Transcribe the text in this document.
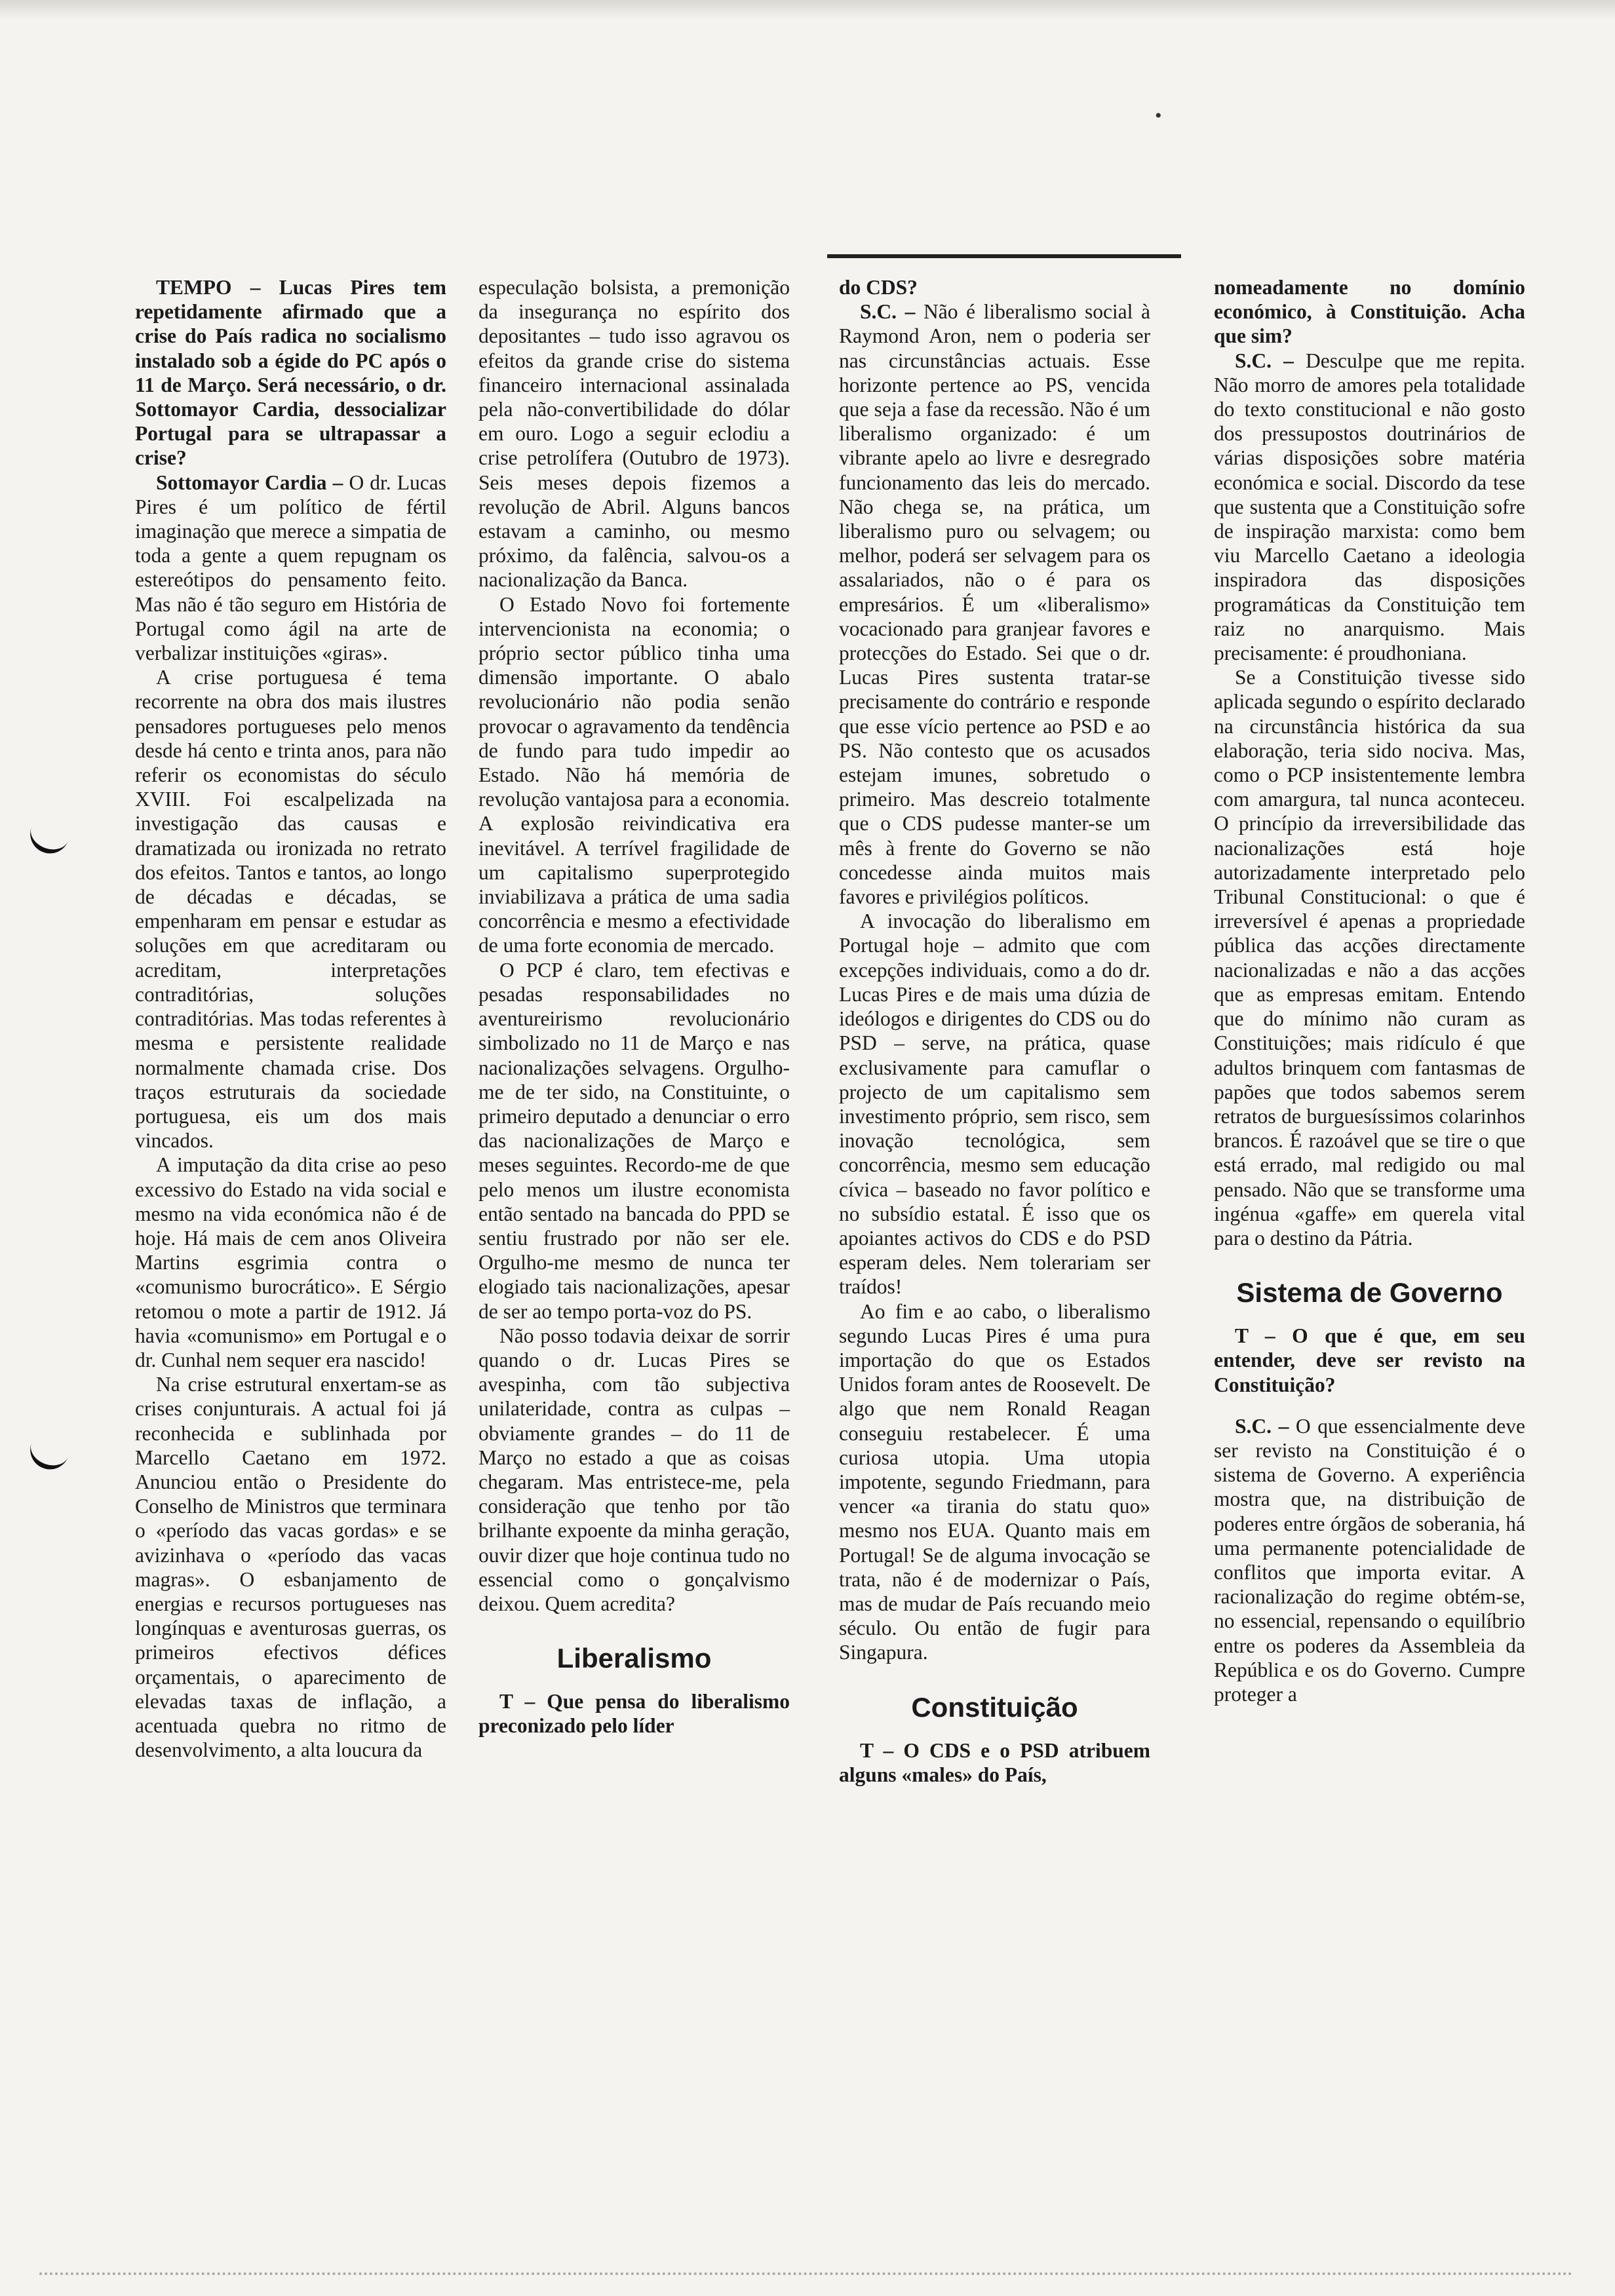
•

TEMPO – Lucas Pires tem repetidamente afirmado que a crise do País radica no socialismo instalado sob a égide do PC após o 11 de Março. Será necessário, o dr. Sottomayor Cardia, dessocializar Portugal para se ultrapassar a crise?

Sottomayor Cardia – O dr. Lucas Pires é um político de fértil imaginação que merece a simpatia de toda a gente a quem repugnam os estereótipos do pensamento feito. Mas não é tão seguro em História de Portugal como ágil na arte de verbalizar instituições «giras».

A crise portuguesa é tema recorrente na obra dos mais ilustres pensadores portugueses pelo menos desde há cento e trinta anos, para não referir os economistas do século XVIII. Foi escalpelizada na investigação das causas e dramatizada ou ironizada no retrato dos efeitos. Tantos e tantos, ao longo de décadas e décadas, se empenharam em pensar e estudar as soluções em que acreditaram ou acreditam, interpretações contraditórias, soluções contraditórias. Mas todas referentes à mesma e persistente realidade normalmente chamada crise. Dos traços estruturais da sociedade portuguesa, eis um dos mais vincados.

A imputação da dita crise ao peso excessivo do Estado na vida social e mesmo na vida económica não é de hoje. Há mais de cem anos Oliveira Martins esgrimia contra o «comunismo burocrático». E Sérgio retomou o mote a partir de 1912. Já havia «comunismo» em Portugal e o dr. Cunhal nem sequer era nascido!

Na crise estrutural enxertam-se as crises conjunturais. A actual foi já reconhecida e sublinhada por Marcello Caetano em 1972. Anunciou então o Presidente do Conselho de Ministros que terminara o «período das vacas gordas» e se avizinhava o «período das vacas magras». O esbanjamento de energias e recursos portugueses nas longínquas e aventurosas guerras, os primeiros efectivos défices orçamentais, o aparecimento de elevadas taxas de inflação, a acentuada quebra no ritmo de desenvolvimento, a alta loucura da

especulação bolsista, a premonição da insegurança no espírito dos depositantes – tudo isso agravou os efeitos da grande crise do sistema financeiro internacional assinalada pela não-convertibilidade do dólar em ouro. Logo a seguir eclodiu a crise petrolífera (Outubro de 1973). Seis meses depois fizemos a revolução de Abril. Alguns bancos estavam a caminho, ou mesmo próximo, da falência, salvou-os a nacionalização da Banca.

O Estado Novo foi fortemente intervencionista na economia; o próprio sector público tinha uma dimensão importante. O abalo revolucionário não podia senão provocar o agravamento da tendência de fundo para tudo impedir ao Estado. Não há memória de revolução vantajosa para a economia. A explosão reivindicativa era inevitável. A terrível fragilidade de um capitalismo superprotegido inviabilizava a prática de uma sadia concorrência e mesmo a efectividade de uma forte economia de mercado.

O PCP é claro, tem efectivas e pesadas responsabilidades no aventureirismo revolucionário simbolizado no 11 de Março e nas nacionalizações selvagens. Orgulho-me de ter sido, na Constituinte, o primeiro deputado a denunciar o erro das nacionalizações de Março e meses seguintes. Recordo-me de que pelo menos um ilustre economista então sentado na bancada do PPD se sentiu frustrado por não ser ele. Orgulho-me mesmo de nunca ter elogiado tais nacionalizações, apesar de ser ao tempo porta-voz do PS.

Não posso todavia deixar de sorrir quando o dr. Lucas Pires se avespinha, com tão subjectiva unilateridade, contra as culpas – obviamente grandes – do 11 de Março no estado a que as coisas chegaram. Mas entristece-me, pela consideração que tenho por tão brilhante expoente da minha geração, ouvir dizer que hoje continua tudo no essencial como o gonçalvismo deixou. Quem acredita?

Liberalismo

T – Que pensa do liberalismo preconizado pelo líder

do CDS?

S.C. – Não é liberalismo social à Raymond Aron, nem o poderia ser nas circunstâncias actuais. Esse horizonte pertence ao PS, vencida que seja a fase da recessão. Não é um liberalismo organizado: é um vibrante apelo ao livre e desregrado funcionamento das leis do mercado. Não chega se, na prática, um liberalismo puro ou selvagem; ou melhor, poderá ser selvagem para os assalariados, não o é para os empresários. É um «liberalismo» vocacionado para granjear favores e protecções do Estado. Sei que o dr. Lucas Pires sustenta tratar-se precisamente do contrário e responde que esse vício pertence ao PSD e ao PS. Não contesto que os acusados estejam imunes, sobretudo o primeiro. Mas descreio totalmente que o CDS pudesse manter-se um mês à frente do Governo se não concedesse ainda muitos mais favores e privilégios políticos.

A invocação do liberalismo em Portugal hoje – admito que com excepções individuais, como a do dr. Lucas Pires e de mais uma dúzia de ideólogos e dirigentes do CDS ou do PSD – serve, na prática, quase exclusivamente para camuflar o projecto de um capitalismo sem investimento próprio, sem risco, sem inovação tecnológica, sem concorrência, mesmo sem educação cívica – baseado no favor político e no subsídio estatal. É isso que os apoiantes activos do CDS e do PSD esperam deles. Nem tolerariam ser traídos!

Ao fim e ao cabo, o liberalismo segundo Lucas Pires é uma pura importação do que os Estados Unidos foram antes de Roosevelt. De algo que nem Ronald Reagan conseguiu restabelecer. É uma curiosa utopia. Uma utopia impotente, segundo Friedmann, para vencer «a tirania do statu quo» mesmo nos EUA. Quanto mais em Portugal! Se de alguma invocação se trata, não é de modernizar o País, mas de mudar de País recuando meio século. Ou então de fugir para Singapura.

Constituição

T – O CDS e o PSD atribuem alguns «males» do País,

nomeadamente no domínio económico, à Constituição. Acha que sim?

S.C. – Desculpe que me repita. Não morro de amores pela totalidade do texto constitucional e não gosto dos pressupostos doutrinários de várias disposições sobre matéria económica e social. Discordo da tese que sustenta que a Constituição sofre de inspiração marxista: como bem viu Marcello Caetano a ideologia inspiradora das disposições programáticas da Constituição tem raiz no anarquismo. Mais precisamente: é proudhoniana.

Se a Constituição tivesse sido aplicada segundo o espírito declarado na circunstância histórica da sua elaboração, teria sido nociva. Mas, como o PCP insistentemente lembra com amargura, tal nunca aconteceu. O princípio da irreversibilidade das nacionalizações está hoje autorizadamente interpretado pelo Tribunal Constitucional: o que é irreversível é apenas a propriedade pública das acções directamente nacionalizadas e não a das acções que as empresas emitam. Entendo que do mínimo não curam as Constituições; mais ridículo é que adultos brinquem com fantasmas de papões que todos sabemos serem retratos de burguesíssimos colarinhos brancos. É razoável que se tire o que está errado, mal redigido ou mal pensado. Não que se transforme uma ingénua «gaffe» em querela vital para o destino da Pátria.

Sistema de Governo

T – O que é que, em seu entender, deve ser revisto na Constituição?

S.C. – O que essencialmente deve ser revisto na Constituição é o sistema de Governo. A experiência mostra que, na distribuição de poderes entre órgãos de soberania, há uma permanente potencialidade de conflitos que importa evitar. A racionalização do regime obtém-se, no essencial, repensando o equilíbrio entre os poderes da Assembleia da República e os do Governo. Cumpre proteger a
